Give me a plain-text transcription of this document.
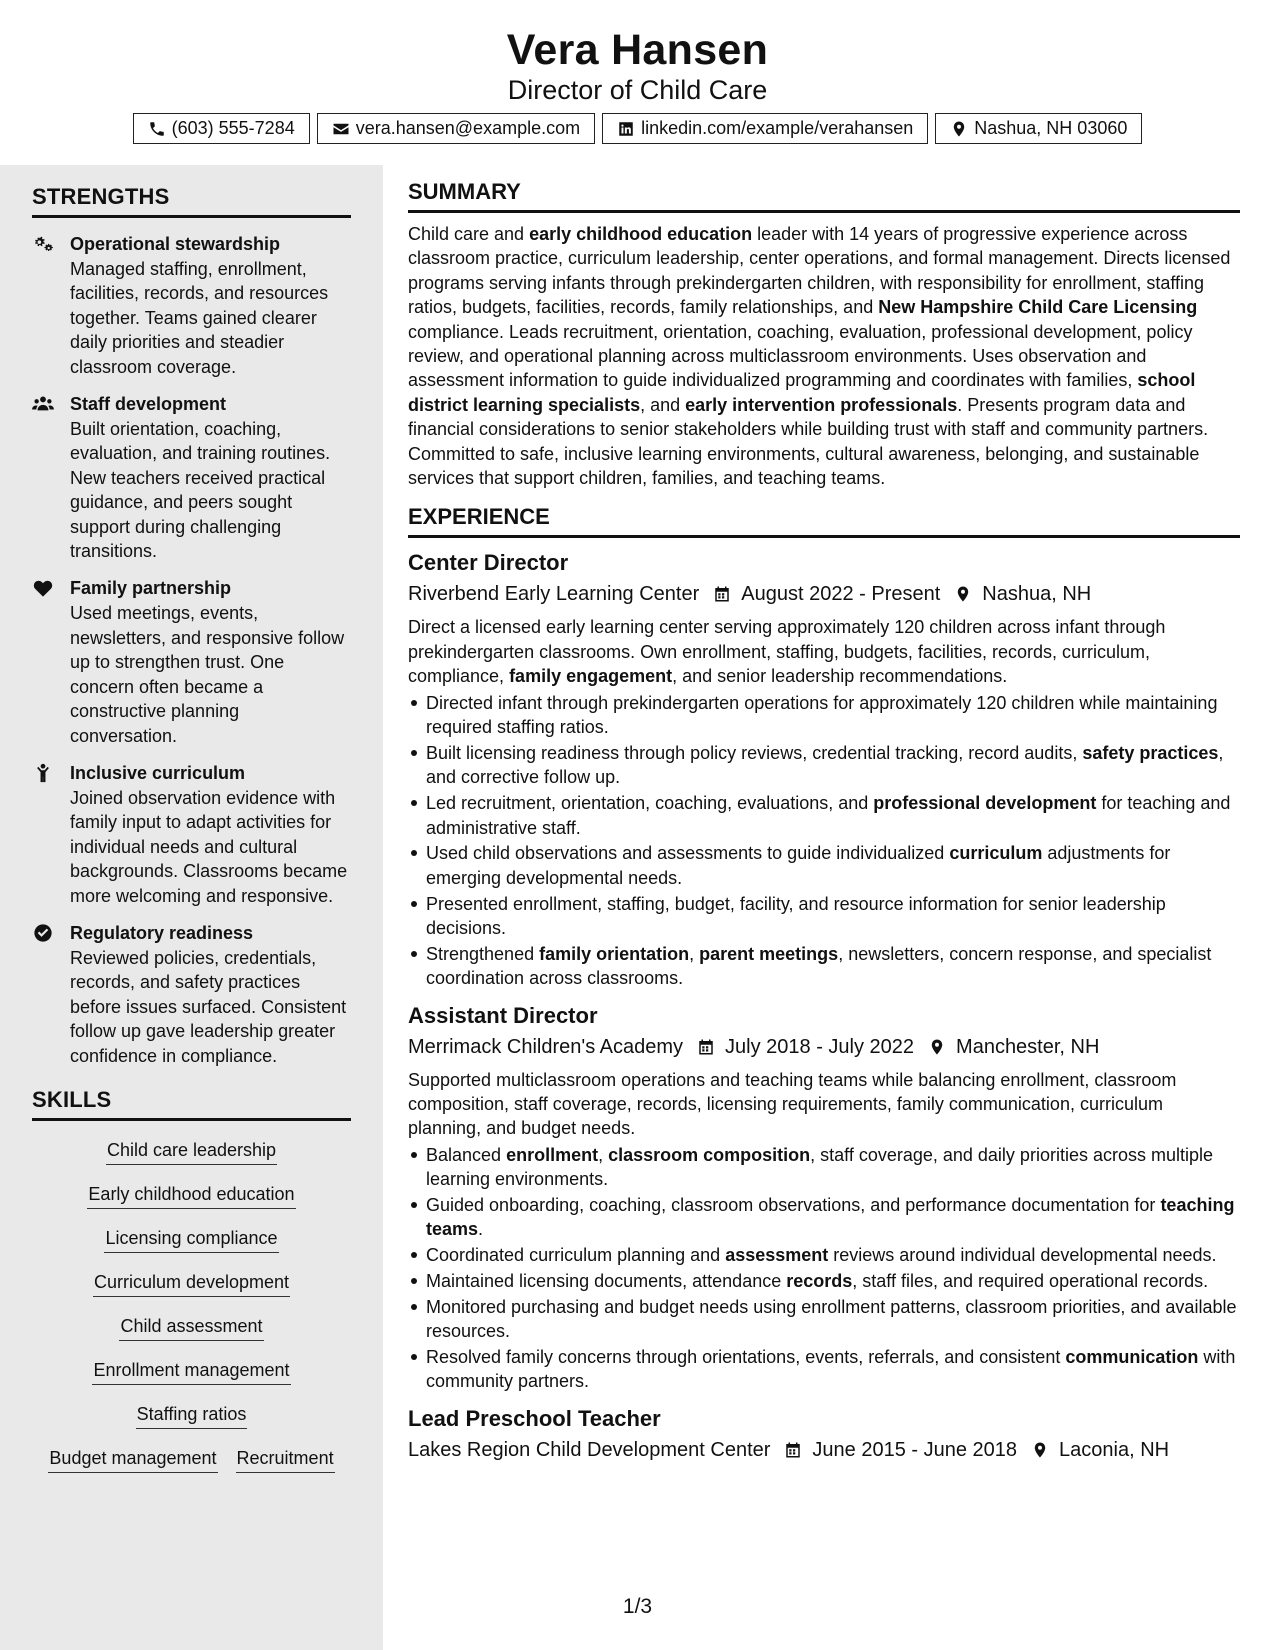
Vera Hansen
Director of Child Care
(603) 555-7284	vera.hansen@example.com	linkedin.com/example/verahansen	Nashua, NH 03060
STRENGTHS
Operational stewardship
Managed staffing, enrollment, facilities, records, and resources together. Teams gained clearer daily priorities and steadier classroom coverage.
Staff development
Built orientation, coaching, evaluation, and training routines. New teachers received practical guidance, and peers sought support during challenging transitions.
Family partnership
Used meetings, events, newsletters, and responsive follow up to strengthen trust. One concern often became a constructive planning conversation.
Inclusive curriculum
Joined observation evidence with family input to adapt activities for individual needs and cultural backgrounds. Classrooms became more welcoming and responsive.
Regulatory readiness
Reviewed policies, credentials, records, and safety practices before issues surfaced. Consistent follow up gave leadership greater confidence in compliance.
SKILLS
Child care leadership
Early childhood education
Licensing compliance
Curriculum development
Child assessment
Enrollment management
Staffing ratios
Budget management Recruitment
SUMMARY
Child care and early childhood education leader with 14 years of progressive experience across classroom practice, curriculum leadership, center operations, and formal management. Directs licensed programs serving infants through prekindergarten children, with responsibility for enrollment, staffing ratios, budgets, facilities, records, family relationships, and New Hampshire Child Care Licensing compliance. Leads recruitment, orientation, coaching, evaluation, professional development, policy review, and operational planning across multiclassroom environments. Uses observation and assessment information to guide individualized programming and coordinates with families, school district learning specialists, and early intervention professionals. Presents program data and financial considerations to senior stakeholders while building trust with staff and community partners. Committed to safe, inclusive learning environments, cultural awareness, belonging, and sustainable services that support children, families, and teaching teams.
EXPERIENCE
Center Director
Riverbend Early Learning Center August 2022 - Present Nashua, NH
Direct a licensed early learning center serving approximately 120 children across infant through prekindergarten classrooms. Own enrollment, staffing, budgets, facilities, records, curriculum, compliance, family engagement, and senior leadership recommendations.
Directed infant through prekindergarten operations for approximately 120 children while maintaining required staffing ratios.
Built licensing readiness through policy reviews, credential tracking, record audits, safety practices, and corrective follow up.
Led recruitment, orientation, coaching, evaluations, and professional development for teaching and administrative staff.
Used child observations and assessments to guide individualized curriculum adjustments for emerging developmental needs.
Presented enrollment, staffing, budget, facility, and resource information for senior leadership decisions.
Strengthened family orientation, parent meetings, newsletters, concern response, and specialist coordination across classrooms.
Assistant Director
Merrimack Children's Academy July 2018 - July 2022 Manchester, NH
Supported multiclassroom operations and teaching teams while balancing enrollment, classroom composition, staff coverage, records, licensing requirements, family communication, curriculum planning, and budget needs.
Balanced enrollment, classroom composition, staff coverage, and daily priorities across multiple learning environments.
Guided onboarding, coaching, classroom observations, and performance documentation for teaching teams.
Coordinated curriculum planning and assessment reviews around individual developmental needs.
Maintained licensing documents, attendance records, staff files, and required operational records.
Monitored purchasing and budget needs using enrollment patterns, classroom priorities, and available resources.
Resolved family concerns through orientations, events, referrals, and consistent communication with community partners.
Lead Preschool Teacher
Lakes Region Child Development Center June 2015 - June 2018 Laconia, NH
1/3
